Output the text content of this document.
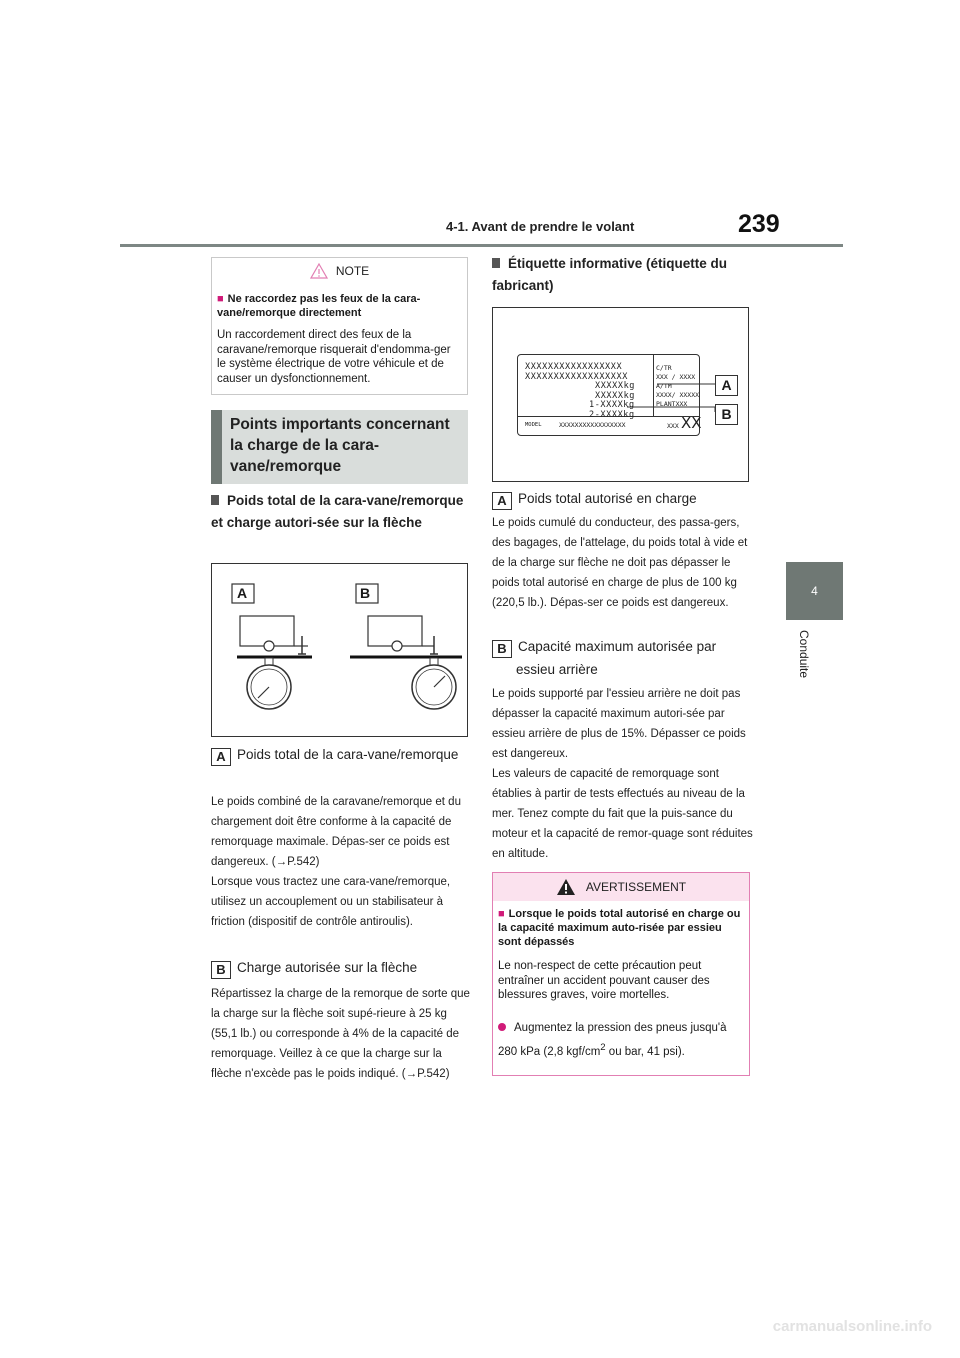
4-1. Avant de prendre le volant	239
4
Conduite
NOTE
■ Ne raccordez pas les feux de la cara-vane/remorque directement
Un raccordement direct des feux de la caravane/remorque risquerait d'endomma-ger le système électrique de votre véhicule et de causer un dysfonctionnement.
Points importants concernant la charge de la cara-vane/remorque
Poids total de la cara-vane/remorque et charge autori-sée sur la flèche
A	B
A Poids total de la cara-vane/remorque
Le poids combiné de la caravane/remorque et du chargement doit être conforme à la capacité de remorquage maximale. Dépas-ser ce poids est dangereux. (→P.542)
Lorsque vous tractez une cara-vane/remorque, utilisez un accouplement ou un stabilisateur à friction (dispositif de contrôle antiroulis).
B Charge autorisée sur la flèche
Répartissez la charge de la remorque de sorte que la charge sur la flèche soit supé-rieure à 25 kg (55,1 lb.) ou corresponde à 4% de la capacité de remorquage. Veillez à ce que la charge sur la flèche n'excède pas le poids indiqué. (→P.542)
Étiquette informative (étiquette du fabricant)
XXXXXXXXXXXXXXXXX
XXXXXXXXXXXXXXXXXX
XXXXXkg
XXXXXkg
1-XXXXkg
2-XXXXkg
C/TR
XXX / XXXX
A/TM
XXXX/ XXXXX
PLANTXXX
MODEL	XXXXXXXXXXXXXXXXX	XXX XX
A
B
A Poids total autorisé en charge
Le poids cumulé du conducteur, des passa-gers, des bagages, de l'attelage, du poids total à vide et de la charge sur flèche ne doit pas dépasser le poids total autorisé en charge de plus de 100 kg (220,5 lb.). Dépas-ser ce poids est dangereux.
B Capacité maximum autorisée par
essieu arrière
Le poids supporté par l'essieu arrière ne doit pas dépasser la capacité maximum autori-sée par essieu arrière de plus de 15%. Dépasser ce poids est dangereux.
Les valeurs de capacité de remorquage sont établies à partir de tests effectués au niveau de la mer. Tenez compte du fait que la puis-sance du moteur et la capacité de remor-quage sont réduites en altitude.
AVERTISSEMENT
■ Lorsque le poids total autorisé en charge ou la capacité maximum auto-risée par essieu sont dépassés
Le non-respect de cette précaution peut entraîner un accident pouvant causer des blessures graves, voire mortelles.
Augmentez la pression des pneus jusqu'à 280 kPa (2,8 kgf/$cm^2$ ou bar, 41 psi).
carmanualsonline.info
